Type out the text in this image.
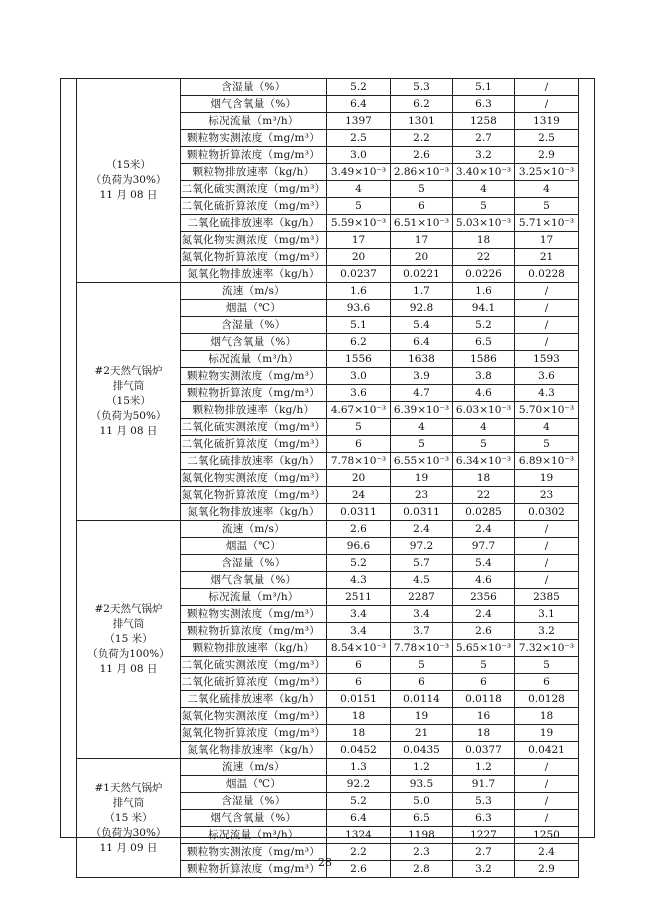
（15米）
（负荷为30%）
11 月 08 日	含湿量（%）	5.2	5.3	5.1	/
	烟气含氧量（%）	6.4	6.2	6.3	/
	标况流量（m³/h）	1397	1301	1258	1319
	颗粒物实测浓度（mg/m³）	2.5	2.2	2.7	2.5
	颗粒物折算浓度（mg/m³）	3.0	2.6	3.2	2.9
	颗粒物排放速率（kg/h）	3.49×10⁻³	2.86×10⁻³	3.40×10⁻³	3.25×10⁻³
	二氧化硫实测浓度（mg/m³）	4	5	4	4
	二氧化硫折算浓度（mg/m³）	5	6	5	5
	二氧化硫排放速率（kg/h）	5.59×10⁻³	6.51×10⁻³	5.03×10⁻³	5.71×10⁻³
	氮氧化物实测浓度（mg/m³）	17	17	18	17
	氮氧化物折算浓度（mg/m³）	20	20	22	21
	氮氧化物排放速率（kg/h）	0.0237	0.0221	0.0226	0.0228

#2天然气锅炉
排气筒
（15米）
（负荷为50%）
11 月 08 日	流速（m/s）	1.6	1.7	1.6	/
	烟温（℃）	93.6	92.8	94.1	/
	含湿量（%）	5.1	5.4	5.2	/
	烟气含氧量（%）	6.2	6.4	6.5	/
	标况流量（m³/h）	1556	1638	1586	1593
	颗粒物实测浓度（mg/m³）	3.0	3.9	3.8	3.6
	颗粒物折算浓度（mg/m³）	3.6	4.7	4.6	4.3
	颗粒物排放速率（kg/h）	4.67×10⁻³	6.39×10⁻³	6.03×10⁻³	5.70×10⁻³
	二氧化硫实测浓度（mg/m³）	5	4	4	4
	二氧化硫折算浓度（mg/m³）	6	5	5	5
	二氧化硫排放速率（kg/h）	7.78×10⁻³	6.55×10⁻³	6.34×10⁻³	6.89×10⁻³
	氮氧化物实测浓度（mg/m³）	20	19	18	19
	氮氧化物折算浓度（mg/m³）	24	23	22	23
	氮氧化物排放速率（kg/h）	0.0311	0.0311	0.0285	0.0302

#2天然气锅炉
排气筒
（15 米）
（负荷为100%）
11 月 08 日	流速（m/s）	2.6	2.4	2.4	/
	烟温（℃）	96.6	97.2	97.7	/
	含湿量（%）	5.2	5.7	5.4	/
	烟气含氧量（%）	4.3	4.5	4.6	/
	标况流量（m³/h）	2511	2287	2356	2385
	颗粒物实测浓度（mg/m³）	3.4	3.4	2.4	3.1
	颗粒物折算浓度（mg/m³）	3.4	3.7	2.6	3.2
	颗粒物排放速率（kg/h）	8.54×10⁻³	7.78×10⁻³	5.65×10⁻³	7.32×10⁻³
	二氧化硫实测浓度（mg/m³）	6	5	5	5
	二氧化硫折算浓度（mg/m³）	6	6	6	6
	二氧化硫排放速率（kg/h）	0.0151	0.0114	0.0118	0.0128
	氮氧化物实测浓度（mg/m³）	18	19	16	18
	氮氧化物折算浓度（mg/m³）	18	21	18	19
	氮氧化物排放速率（kg/h）	0.0452	0.0435	0.0377	0.0421

#1天然气锅炉
排气筒
（15 米）
（负荷为30%）
11 月 09 日	流速（m/s）	1.3	1.2	1.2	/
	烟温（℃）	92.2	93.5	91.7	/
	含湿量（%）	5.2	5.0	5.3	/
	烟气含氧量（%）	6.4	6.5	6.3	/
	标况流量（m³/h）	1324	1198	1227	1250
	颗粒物实测浓度（mg/m³）	2.2	2.3	2.7	2.4
	颗粒物折算浓度（mg/m³）	2.6	2.8	3.2	2.9
28
